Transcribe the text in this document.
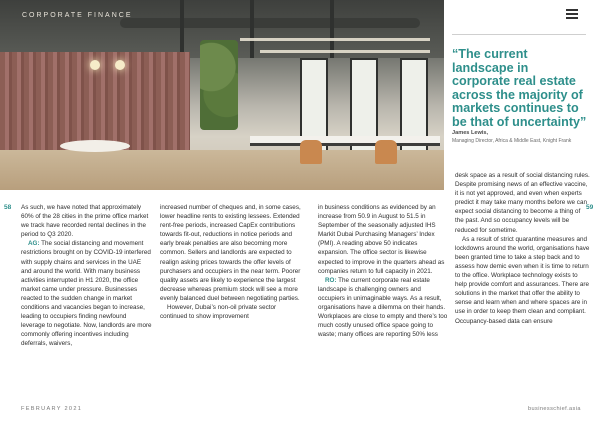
CORPORATE FINANCE
“The current landscape in corporate real estate across the majority of markets continues to be that of uncertainty”
James Lewis,
Managing Director, Africa & Middle East, Knight Frank
58	59

As such, we have noted that approximately 60% of the 28 cities in the prime office market we track have recorded rental declines in the period to Q3 2020.

AG: The social distancing and movement restrictions brought on by COVID-19 interfered with supply chains and services in the UAE and around the world. With many business activities interrupted in H1 2020, the office market came under pressure. Businesses reacted to the sudden change in market conditions and vacancies began to increase, leading to occupiers finding newfound leverage to negotiate. Now, landlords are more commonly offering incentives including deferrals, waivers,

increased number of cheques and, in some cases, lower headline rents to existing lessees. Extended rent-free periods, increased CapEx contributions towards fit-out, reductions in notice periods and early break penalties are also becoming more common. Sellers and landlords are expected to realign asking prices towards the offer levels of purchasers and occupiers in the near term. Poorer quality assets are likely to experience the largest decrease whereas premium stock will see a more evenly balanced duel between negotiating parties.

However, Dubai’s non-oil private sector continued to show improvement

in business conditions as evidenced by an increase from 50.9 in August to 51.5 in September of the seasonally adjusted IHS Markit Dubai Purchasing Managers’ Index (PMI). A reading above 50 indicates expansion. The office sector is likewise expected to improve in the quarters ahead as companies return to full capacity in 2021.

RO: The current corporate real estate landscape is challenging owners and occupiers in unimaginable ways. As a result, organisations have a dilemma on their hands. Workplaces are close to empty and there’s too much costly unused office space going to waste; many offices are reporting 50% less

desk space as a result of social distancing rules. Despite promising news of an effective vaccine, it is not yet approved, and even when experts predict it may take many months before we can expect social distancing to become a thing of the past. And so occupancy levels will be reduced for sometime.

As a result of strict quarantine measures and lockdowns around the world, organisations have been granted time to take a step back and to assess how demic even when it is time to return to the office. Workplace technology exists to help provide comfort and assurances. There are solutions in the market that offer the ability to sense and learn when and where spaces are in use in order to keep them clean and compliant. Occupancy-based data can ensure

FEBRUARY 2021	businesschief.asia
